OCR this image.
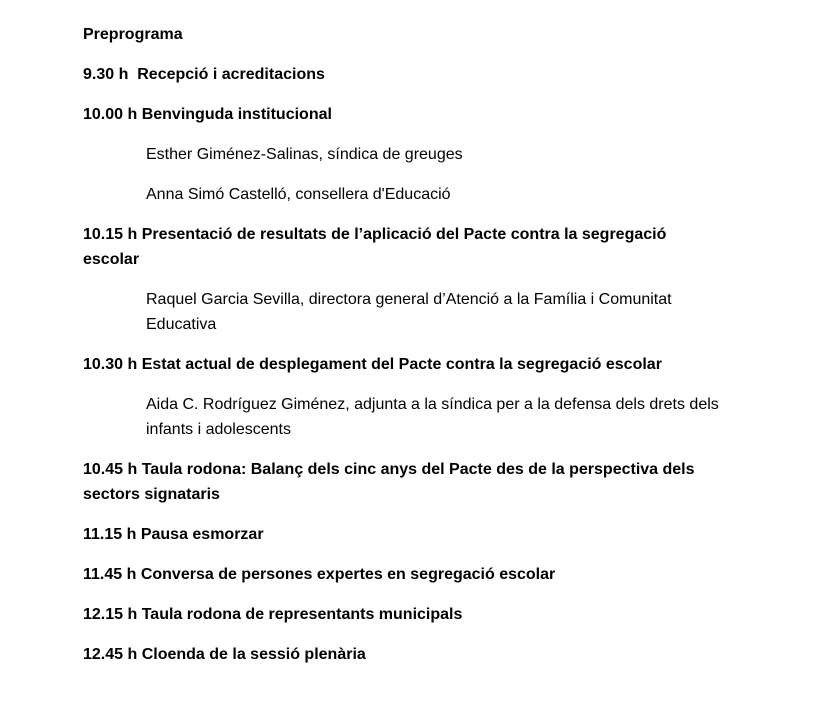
Preprograma

9.30 h  Recepció i acreditacions

10.00 h Benvinguda institucional

Esther Giménez-Salinas, síndica de greuges

Anna Simó Castelló, consellera d'Educació

10.15 h Presentació de resultats de l’aplicació del Pacte contra la segregació escolar

Raquel Garcia Sevilla, directora general d’Atenció a la Família i Comunitat Educativa

10.30 h Estat actual de desplegament del Pacte contra la segregació escolar

Aida C. Rodríguez Giménez, adjunta a la síndica per a la defensa dels drets dels infants i adolescents

10.45 h Taula rodona: Balanç dels cinc anys del Pacte des de la perspectiva dels sectors signataris

11.15 h Pausa esmorzar

11.45 h Conversa de persones expertes en segregació escolar

12.15 h Taula rodona de representants municipals

12.45 h Cloenda de la sessió plenària
